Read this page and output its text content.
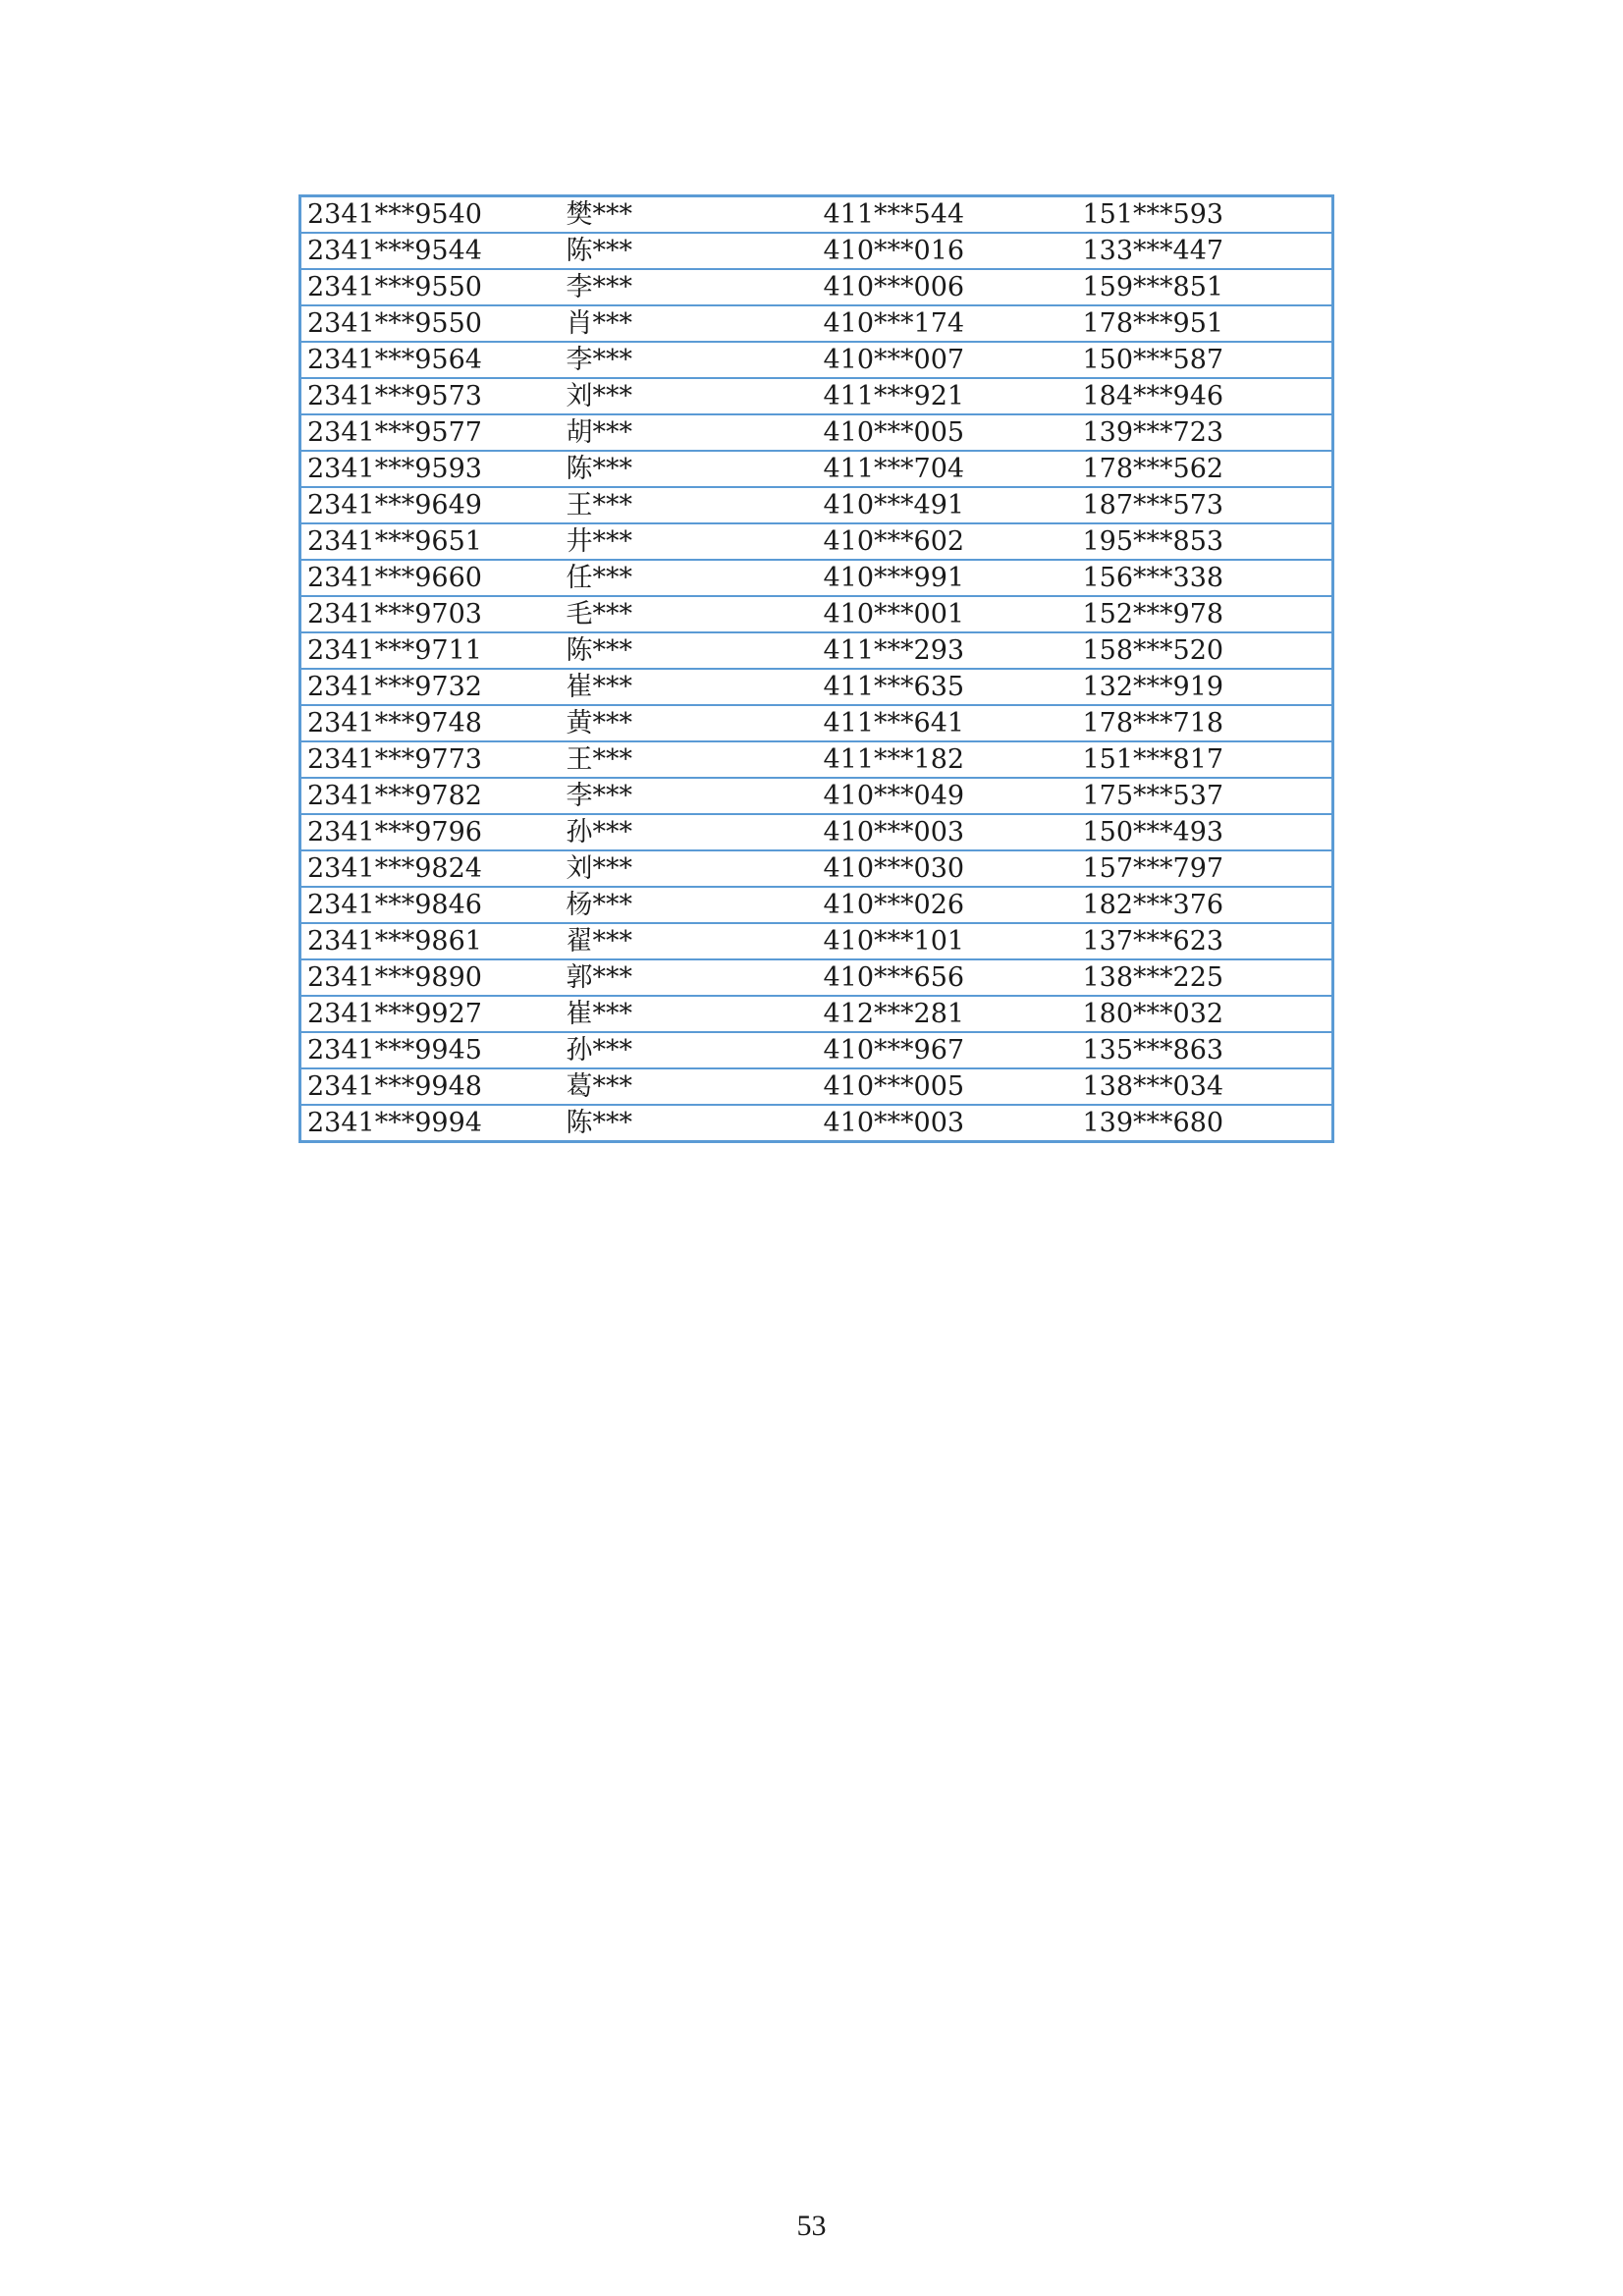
2341***9540	樊***	411***544	151***593
2341***9544	陈***	410***016	133***447
2341***9550	李***	410***006	159***851
2341***9550	肖***	410***174	178***951
2341***9564	李***	410***007	150***587
2341***9573	刘***	411***921	184***946
2341***9577	胡***	410***005	139***723
2341***9593	陈***	411***704	178***562
2341***9649	王***	410***491	187***573
2341***9651	井***	410***602	195***853
2341***9660	任***	410***991	156***338
2341***9703	毛***	410***001	152***978
2341***9711	陈***	411***293	158***520
2341***9732	崔***	411***635	132***919
2341***9748	黄***	411***641	178***718
2341***9773	王***	411***182	151***817
2341***9782	李***	410***049	175***537
2341***9796	孙***	410***003	150***493
2341***9824	刘***	410***030	157***797
2341***9846	杨***	410***026	182***376
2341***9861	翟***	410***101	137***623
2341***9890	郭***	410***656	138***225
2341***9927	崔***	412***281	180***032
2341***9945	孙***	410***967	135***863
2341***9948	葛***	410***005	138***034
2341***9994	陈***	410***003	139***680
53
